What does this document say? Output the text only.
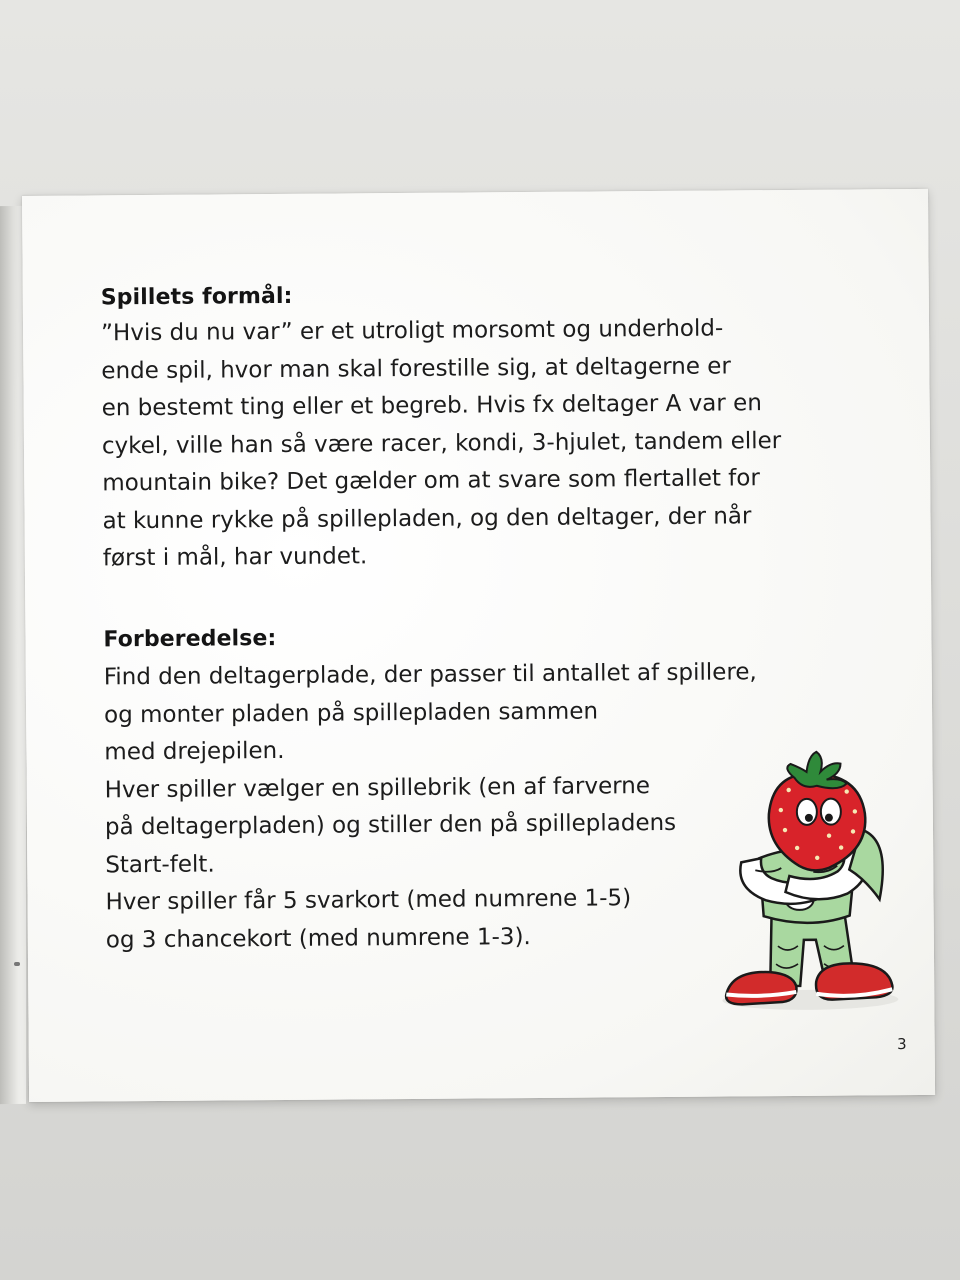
Spillets formål:

”Hvis du nu var” er et utroligt morsomt og underhold-
ende spil, hvor man skal forestille sig, at deltagerne er
en bestemt ting eller et begreb. Hvis fx deltager A var en
cykel, ville han så være racer, kondi, 3-hjulet, tandem eller
mountain bike? Det gælder om at svare som flertallet for
at kunne rykke på spillepladen, og den deltager, der når
først i mål, har vundet.

Forberedelse:

Find den deltagerplade, der passer til antallet af spillere,
og monter pladen på spillepladen sammen
med drejepilen.
Hver spiller vælger en spillebrik (en af farverne
på deltagerpladen) og stiller den på spillepladens
Start-felt.
Hver spiller får 5 svarkort (med numrene 1-5)
og 3 chancekort (med numrene 1-3).

3
